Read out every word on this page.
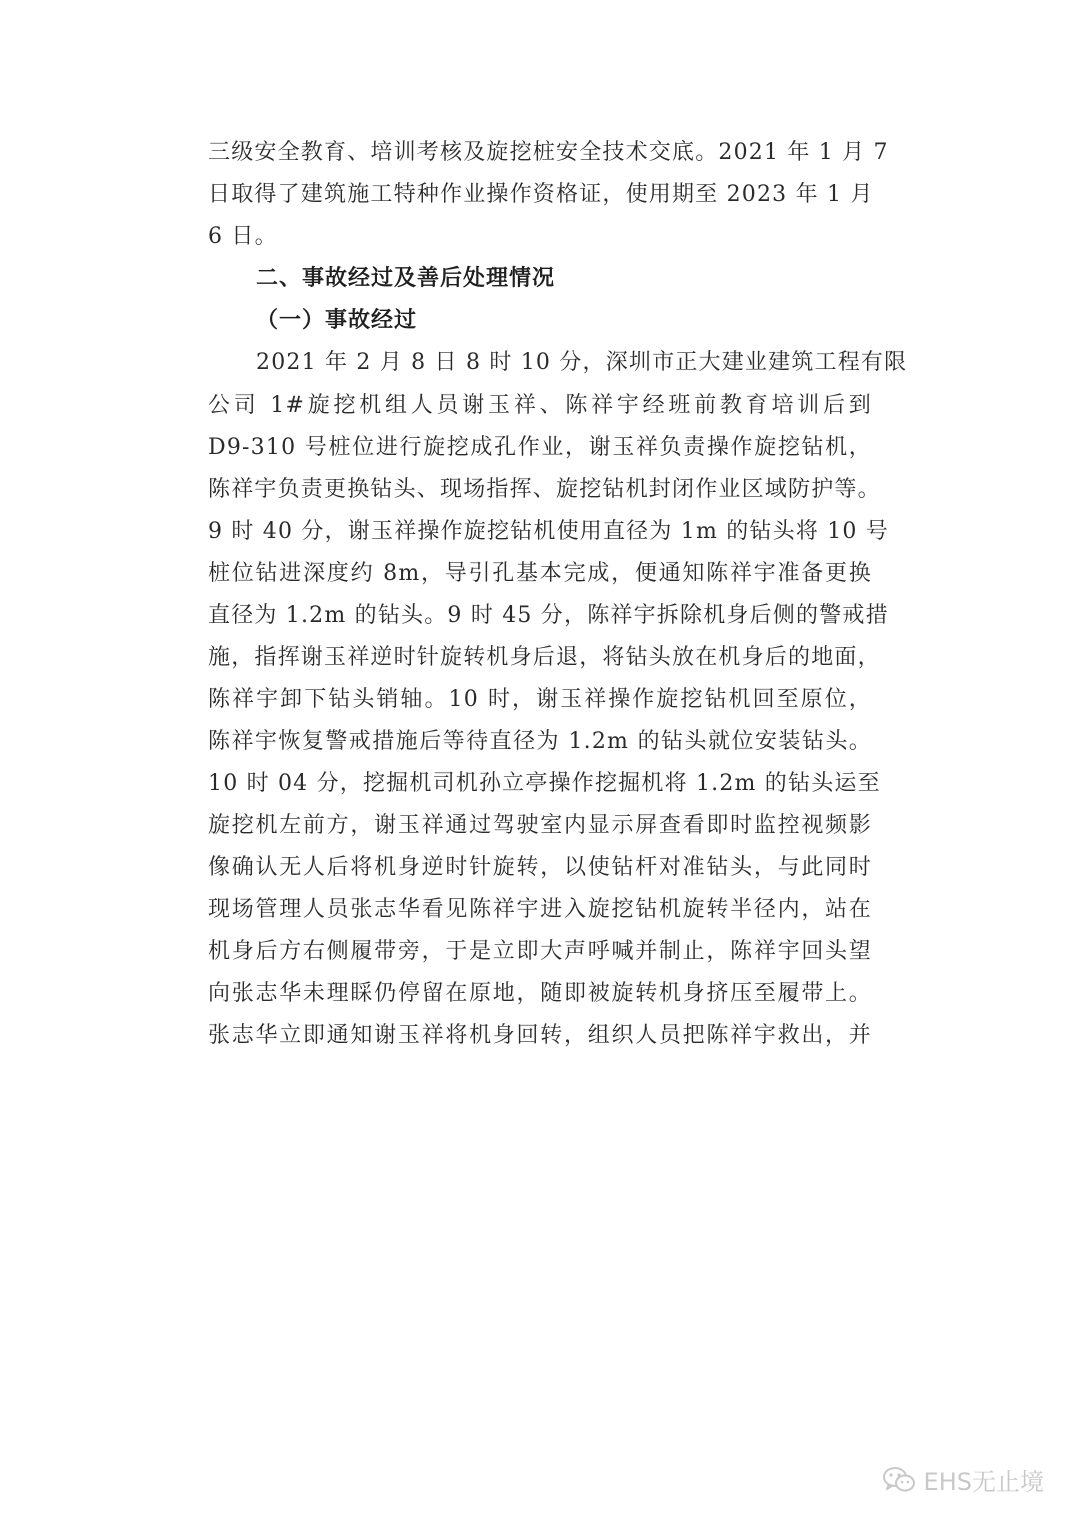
三级安全教育、培训考核及旋挖桩安全技术交底。2021 年 1 月 7
日取得了建筑施工特种作业操作资格证，使用期至 2023 年 1 月
6 日。
二、事故经过及善后处理情况
（一）事故经过
2021 年 2 月 8 日 8 时 10 分，深圳市正大建业建筑工程有限
公司 1#旋挖机组人员谢玉祥、陈祥宇经班前教育培训后到
D9-310 号桩位进行旋挖成孔作业，谢玉祥负责操作旋挖钻机，
陈祥宇负责更换钻头、现场指挥、旋挖钻机封闭作业区域防护等。
9 时 40 分，谢玉祥操作旋挖钻机使用直径为 1m 的钻头将 10 号
桩位钻进深度约 8m，导引孔基本完成，便通知陈祥宇准备更换
直径为 1.2m 的钻头。9 时 45 分，陈祥宇拆除机身后侧的警戒措
施，指挥谢玉祥逆时针旋转机身后退，将钻头放在机身后的地面，
陈祥宇卸下钻头销轴。10 时，谢玉祥操作旋挖钻机回至原位，
陈祥宇恢复警戒措施后等待直径为 1.2m 的钻头就位安装钻头。
10 时 04 分，挖掘机司机孙立亭操作挖掘机将 1.2m 的钻头运至
旋挖机左前方，谢玉祥通过驾驶室内显示屏查看即时监控视频影
像确认无人后将机身逆时针旋转，以使钻杆对准钻头，与此同时
现场管理人员张志华看见陈祥宇进入旋挖钻机旋转半径内，站在
机身后方右侧履带旁，于是立即大声呼喊并制止，陈祥宇回头望
向张志华未理睬仍停留在原地，随即被旋转机身挤压至履带上。
张志华立即通知谢玉祥将机身回转，组织人员把陈祥宇救出，并
EHS无止境
